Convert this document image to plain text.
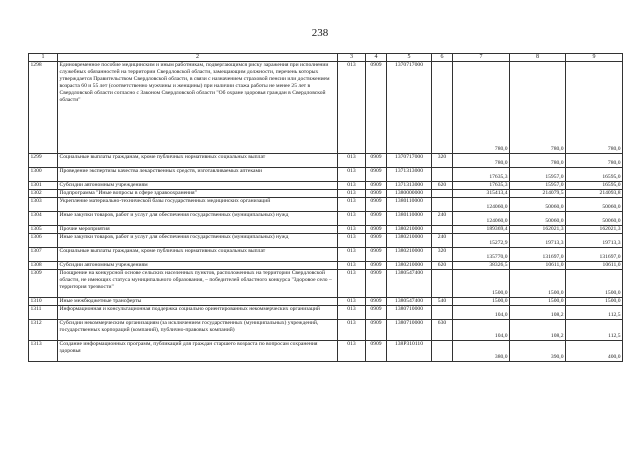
238
1	2	3	4	5	6	7	8	9
1298	Единовременное пособие медицинским и иным работникам, подвергающимся риску заражения при исполнении служебных обязанностей на территории Свердловской области, замещающим должности, перечень которых утверждается Правительством Свердловской области, в связи с назначением страховой пенсии или достижением возраста 60 и 55 лет (соответственно мужчины и женщины) при наличии стажа работы не менее 25 лет в Свердловской области согласно с Законом Свердловской области "Об охране здоровья граждан в Свердловской области"	013	0909	1370717000		780,0	780,0	780,0
1299	Социальные выплаты гражданам, кроме публичных нормативных социальных выплат	013	0909	1370717000	320	780,0	780,0	780,0
1300	Проведение экспертизы качества лекарственных средств, изготавливаемых аптеками	013	0909	1371313000		17635,3	15957,0	16595,0
1301	Субсидии автономным учреждениям	013	0909	1371313000	620	17635,3	15957,0	16595,0
1302	Подпрограмма "Иные вопросы в сфере здравоохранения"	013	0909	1380000000		315413,4	214079,5	214093,8
1303	Укрепление материально-технической базы государственных медицинских организаций	013	0909	1380110000		124060,0	50060,0	50060,0
1304	Иные закупки товаров, работ и услуг для обеспечения государственных (муниципальных) нужд	013	0909	1380110000	240	124060,0	50060,0	50060,0
1305	Прочие мероприятия	013	0909	1380210000		189369,4	162021,3	162021,3
1306	Иные закупки товаров, работ и услуг для обеспечения государственных (муниципальных) нужд	013	0909	1380210000	240	15272,9	19713,3	19713,3
1307	Социальные выплаты гражданам, кроме публичных нормативных социальных выплат	013	0909	1380210000	320	135770,0	131697,0	131697,0
1308	Субсидии автономным учреждениям	013	0909	1380210000	620	38326,5	10611,0	10611,0
1309	Поощрение на конкурсной основе сельских населенных пунктов, расположенных на территории Свердловской области, не имеющих статуса муниципального образования, – победителей областного конкурса "Здоровое село – территория трезвости"	013	0909	1380547400		1500,0	1500,0	1500,0
1310	Иные межбюджетные трансферты	013	0909	1380547400	540	1500,0	1500,0	1500,0
1311	Информационная и консультационная поддержка социально ориентированных некоммерческих организаций	013	0909	1380710000		104,0	108,2	112,5
1312	Субсидии некоммерческим организациям (за исключением государственных (муниципальных) учреждений, государственных корпораций (компаний), публично-правовых компаний)	013	0909	1380710000	630	104,0	108,2	112,5
1313	Создание информационных программ, публикаций для граждан старшего возраста по вопросам сохранения здоровья	013	0909	138P310110		380,0	390,0	400,0
